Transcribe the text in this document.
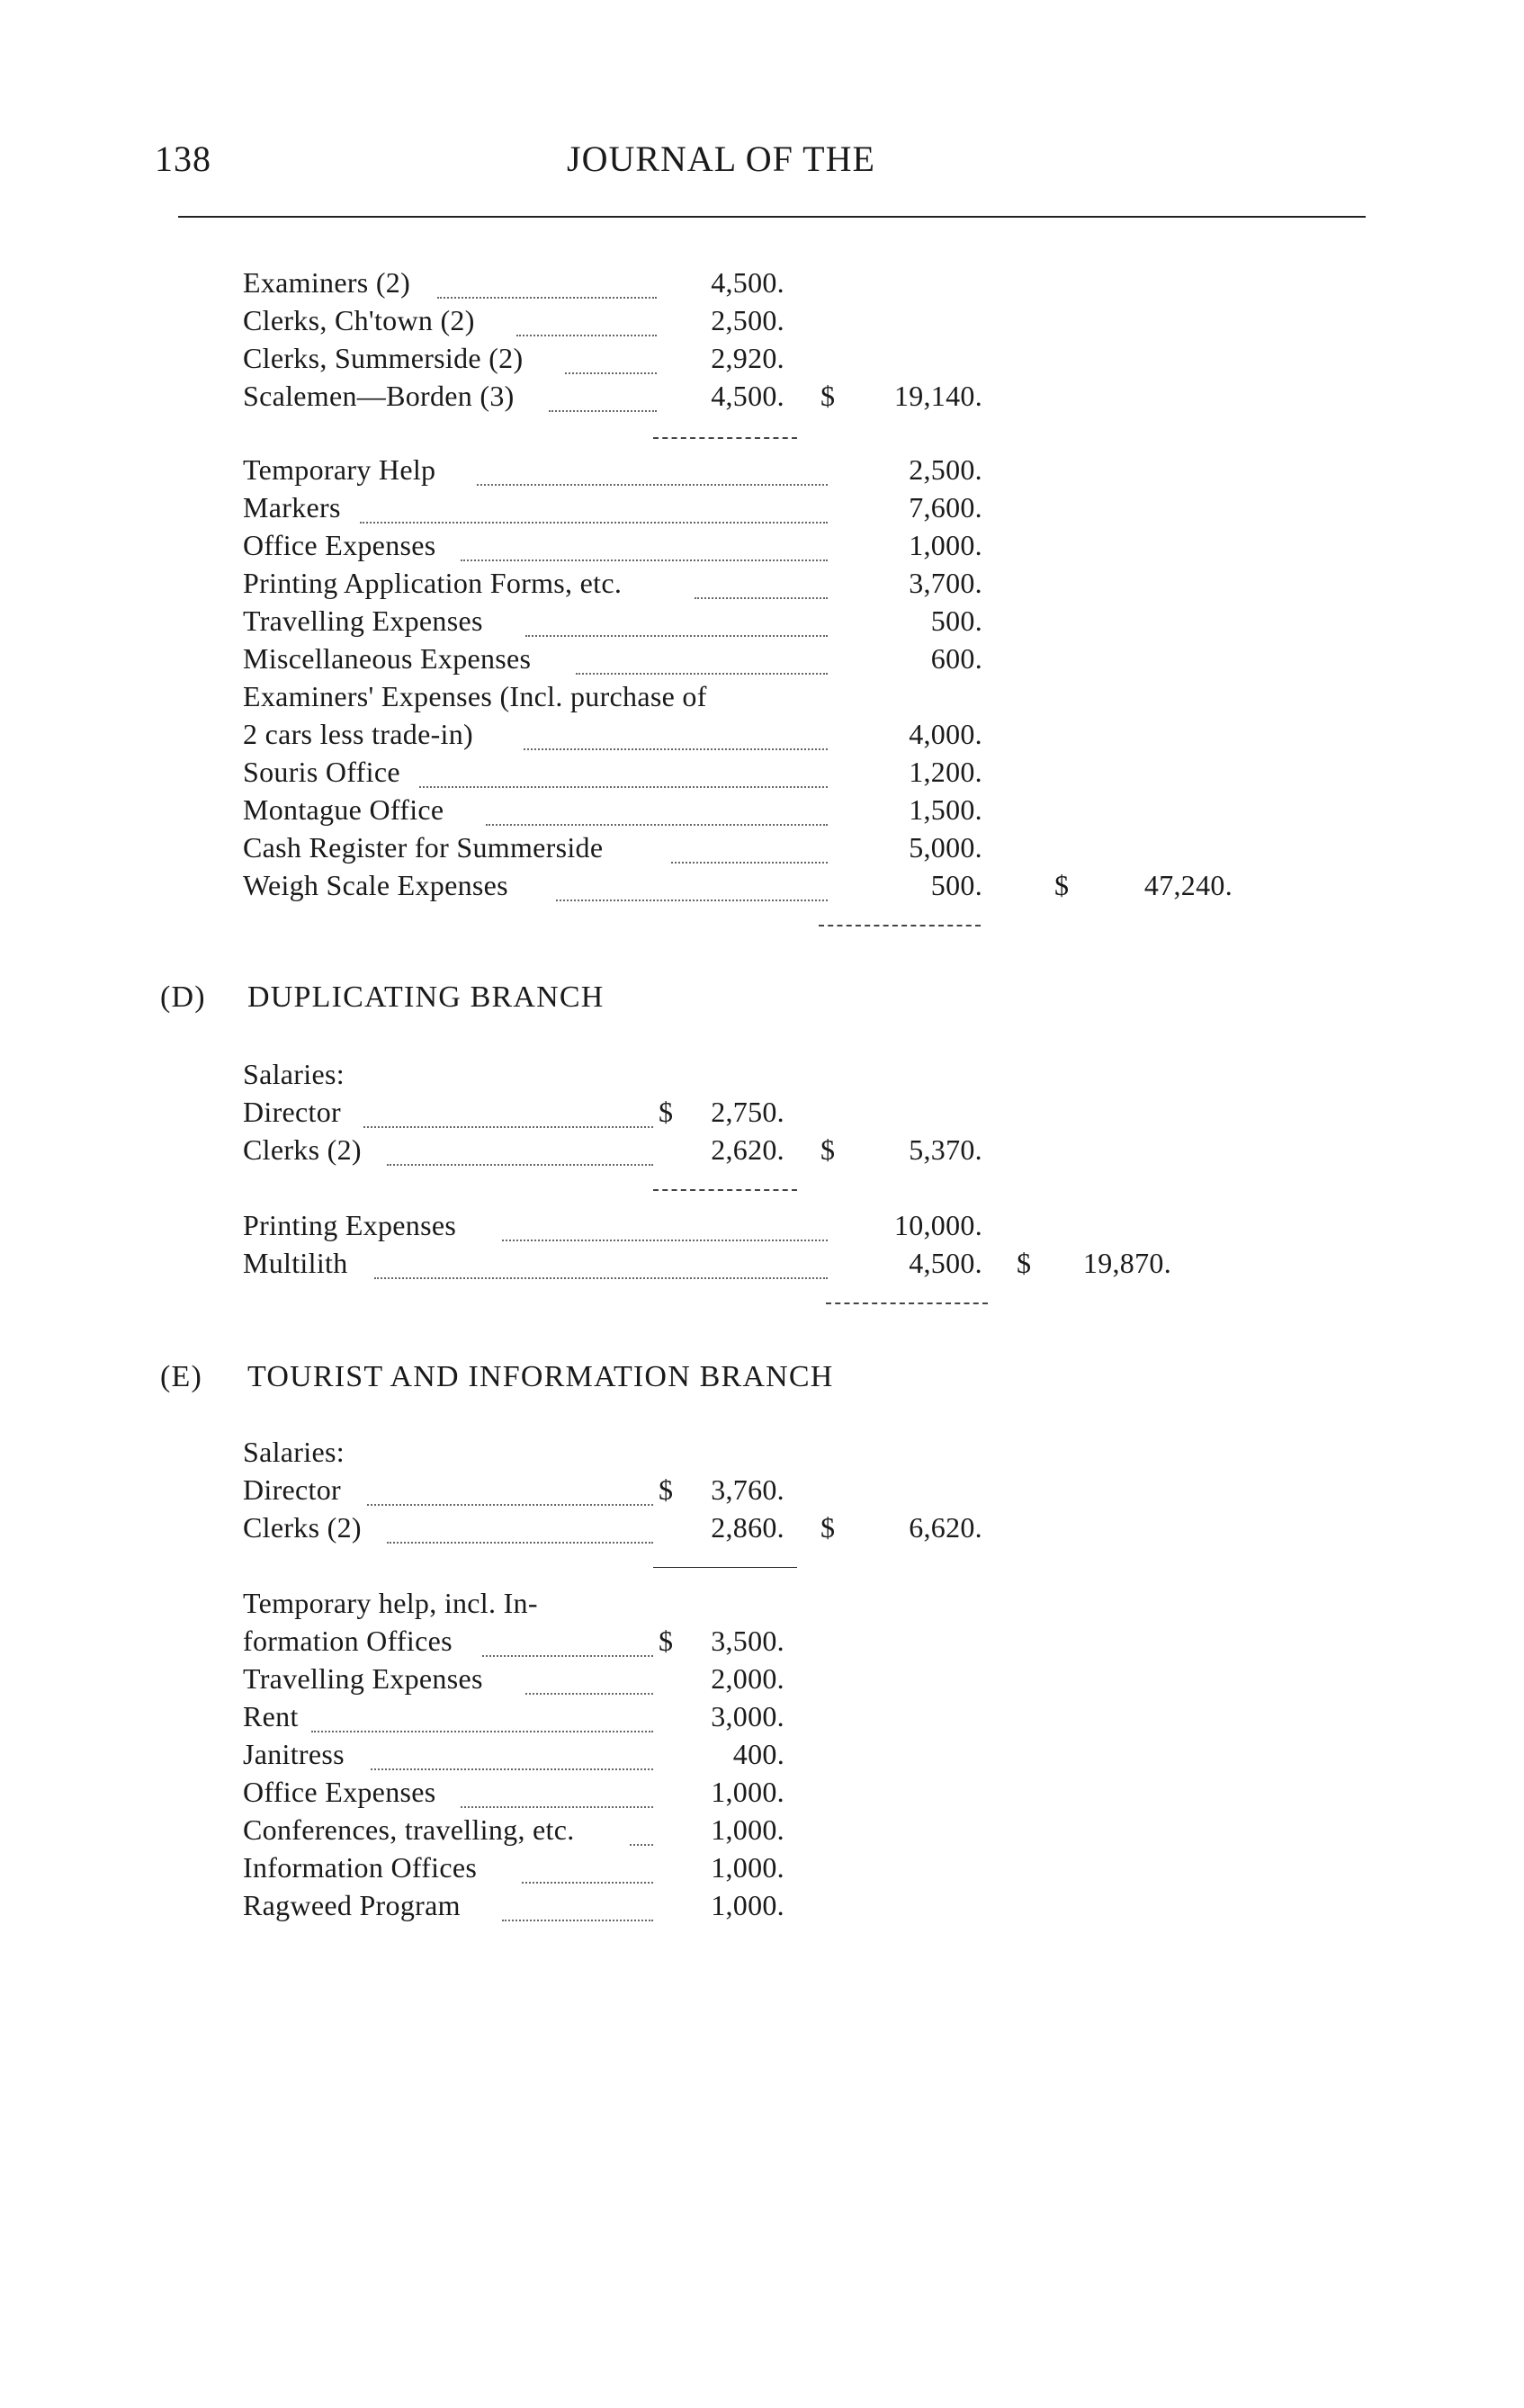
138	JOURNAL OF THE
Examiners (2)	4,500.
Clerks, Ch'town (2)	2,500.
Clerks, Summerside (2)	2,920.
Scalemen—Borden (3)	4,500. $	19,140.
Temporary Help	2,500.
Markers	7,600.
Office Expenses	1,000.
Printing Application Forms, etc.	3,700.
Travelling Expenses	500.
Miscellaneous Expenses	600.
Examiners' Expenses (Incl. purchase of
2 cars less trade-in)	4,000.
Souris Office	1,200.
Montague Office	1,500.
Cash Register for Summerside	5,000.
Weigh Scale Expenses	500.	$	47,240.
(D) DUPLICATING BRANCH
Salaries:
Director	$	2,750.
Clerks (2)	2,620. $	5,370.
Printing Expenses	10,000.
Multilith	4,500. $	19,870.
(E) TOURIST AND INFORMATION BRANCH
Salaries:
Director	$	3,760.
Clerks (2)	2,860. $	6,620.
Temporary help, incl. In-
formation Offices	$	3,500.
Travelling Expenses	2,000.
Rent	3,000.
Janitress	400.
Office Expenses	1,000.
Conferences, travelling, etc.	1,000.
Information Offices	1,000.
Ragweed Program	1,000.
